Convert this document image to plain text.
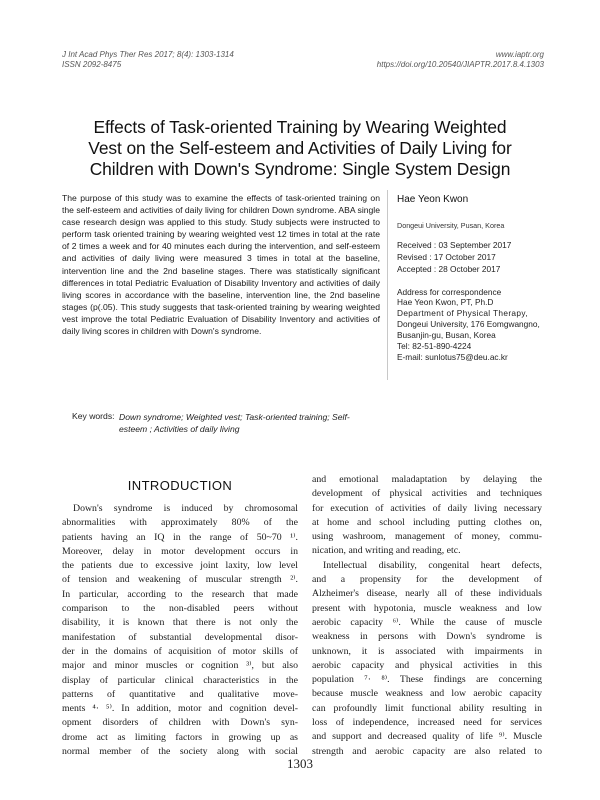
J Int Acad Phys Ther Res 2017; 8(4): 1303-1314
ISSN 2092-8475
www.iaptr.org
https://doi.org/10.20540/JIAPTR.2017.8.4.1303
Effects of Task-oriented Training by Wearing Weighted
Vest on the Self-esteem and Activities of Daily Living for
Children with Down's Syndrome: Single System Design
The purpose of this study was to examine the effects of task-oriented training on the self-esteem and activities of daily living for children Down syndrome. ABA single case research design was applied to this study. Study subjects were instructed to perform task oriented training by wearing weighted vest 12 times in total at the rate of 2 times a week and for 40 minutes each during the intervention, and self-esteem and activities of daily living were measured 3 times in total at the baseline, intervention line and the 2nd baseline stages. There was statistically significant differences in total Pediatric Evaluation of Disability Inventory and activities of daily living scores in accordance with the baseline, intervention line, the 2nd baseline stages (p(.05). This study suggests that task-oriented training by wearing weighted vest improve the total Pediatric Evaluation of Disability Inventory and activities of daily living scores in children with Down's syndrome.
Hae Yeon Kwon
Dongeui University, Pusan, Korea
Received : 03 September 2017
Revised : 17 October 2017
Accepted : 28 October 2017
Address for correspondence
Hae Yeon Kwon, PT, Ph.D
Department of Physical Therapy,
Dongeui University, 176 Eomgwangno,
Busanjin-gu, Busan, Korea
Tel: 82-51-890-4224
E-mail: sunlotus75@deu.ac.kr
Key words: Down syndrome; Weighted vest; Task-oriented training; Self-
esteem ; Activities of daily living
INTRODUCTION
Down's syndrome is induced by chromosomal
abnormalities with approximately 80% of the
patients having an IQ in the range of 50~70 ¹⁾.
Moreover, delay in motor development occurs in
the patients due to excessive joint laxity, low level
of tension and weakening of muscular strength ²⁾.
In particular, according to the research that made
comparison to the non-disabled peers without
disability, it is known that there is not only the
manifestation of substantial developmental disor-
der in the domains of acquisition of motor skills of
major and minor muscles or cognition ³⁾, but also
display of particular clinical characteristics in the
patterns of quantitative and qualitative move-
ments ⁴· ⁵⁾. In addition, motor and cognition devel-
opment disorders of children with Down's syn-
drome act as limiting factors in growing up as
normal member of the society along with social
and emotional maladaptation by delaying the
development of physical activities and techniques
for execution of activities of daily living necessary
at home and school including putting clothes on,
using washroom, management of money, commu-
nication, and writing and reading, etc.
Intellectual disability, congenital heart defects,
and a propensity for the development of
Alzheimer's disease, nearly all of these individuals
present with hypotonia, muscle weakness and low
aerobic capacity ⁶⁾. While the cause of muscle
weakness in persons with Down's syndrome is
unknown, it is associated with impairments in
aerobic capacity and physical activities in this
population ⁷· ⁸⁾. These findings are concerning
because muscle weakness and low aerobic capacity
can profoundly limit functional ability resulting in
loss of independence, increased need for services
and support and decreased quality of life ⁹⁾. Muscle
strength and aerobic capacity are also related to
1303
